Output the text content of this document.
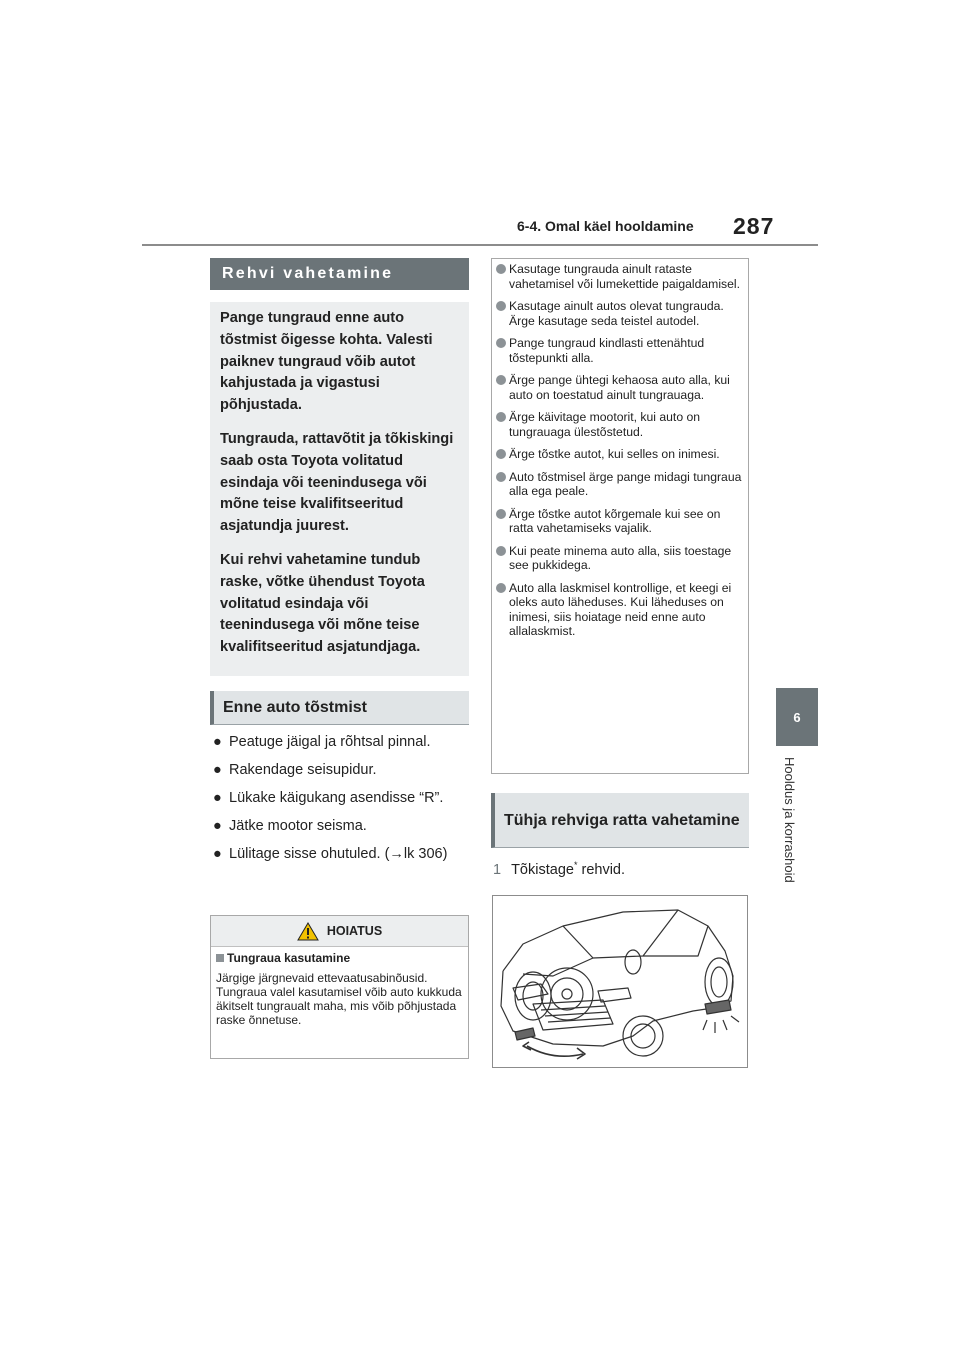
6-4. Omal käel hooldamine 287
6
Hooldus ja korrashoid
Rehvi vahetamine

Pange tungraud enne auto tõstmist õigesse kohta. Valesti paiknev tungraud võib autot kahjustada ja vigastusi põhjustada.

Tungrauda, rattavõtit ja tõkiskingi saab osta Toyota volitatud esindaja või teenindusega või mõne teise kvalifitseeritud asjatundja juurest.

Kui rehvi vahetamine tundub raske, võtke ühendust Toyota volitatud esindaja või teenindusega või mõne teise kvalifitseeritud asjatundjaga.

Enne auto tõstmist
● Peatuge jäigal ja rõhtsal pinnal.
● Rakendage seisupidur.
● Lükake käigukang asendisse “R”.
● Jätke mootor seisma.
● Lülitage sisse ohutuled. (→lk 306)
HOIATUS
Tungraua kasutamine
Järgige järgnevaid ettevaatusabinõusid. Tungraua valel kasutamisel võib auto kukkuda äkitselt tungraualt maha, mis võib põhjustada raske õnnetuse.
Kasutage tungrauda ainult rataste vahetamisel või lumekettide paigaldamisel.
Kasutage ainult autos olevat tungrauda. Ärge kasutage seda teistel autodel.
Pange tungraud kindlasti ettenähtud tõstepunkti alla.
Ärge pange ühtegi kehaosa auto alla, kui auto on toestatud ainult tungrauaga.
Ärge käivitage mootorit, kui auto on tungrauaga ülestõstetud.
Ärge tõstke autot, kui selles on inimesi.
Auto tõstmisel ärge pange midagi tungraua alla ega peale.
Ärge tõstke autot kõrgemale kui see on ratta vahetamiseks vajalik.
Kui peate minema auto alla, siis toestage see pukkidega.
Auto alla laskmisel kontrollige, et keegi ei oleks auto läheduses. Kui läheduses on inimesi, siis hoiatage neid enne auto allalaskmist.
Tühja rehviga ratta vahetamine
1 Tõkistage* rehvid.
